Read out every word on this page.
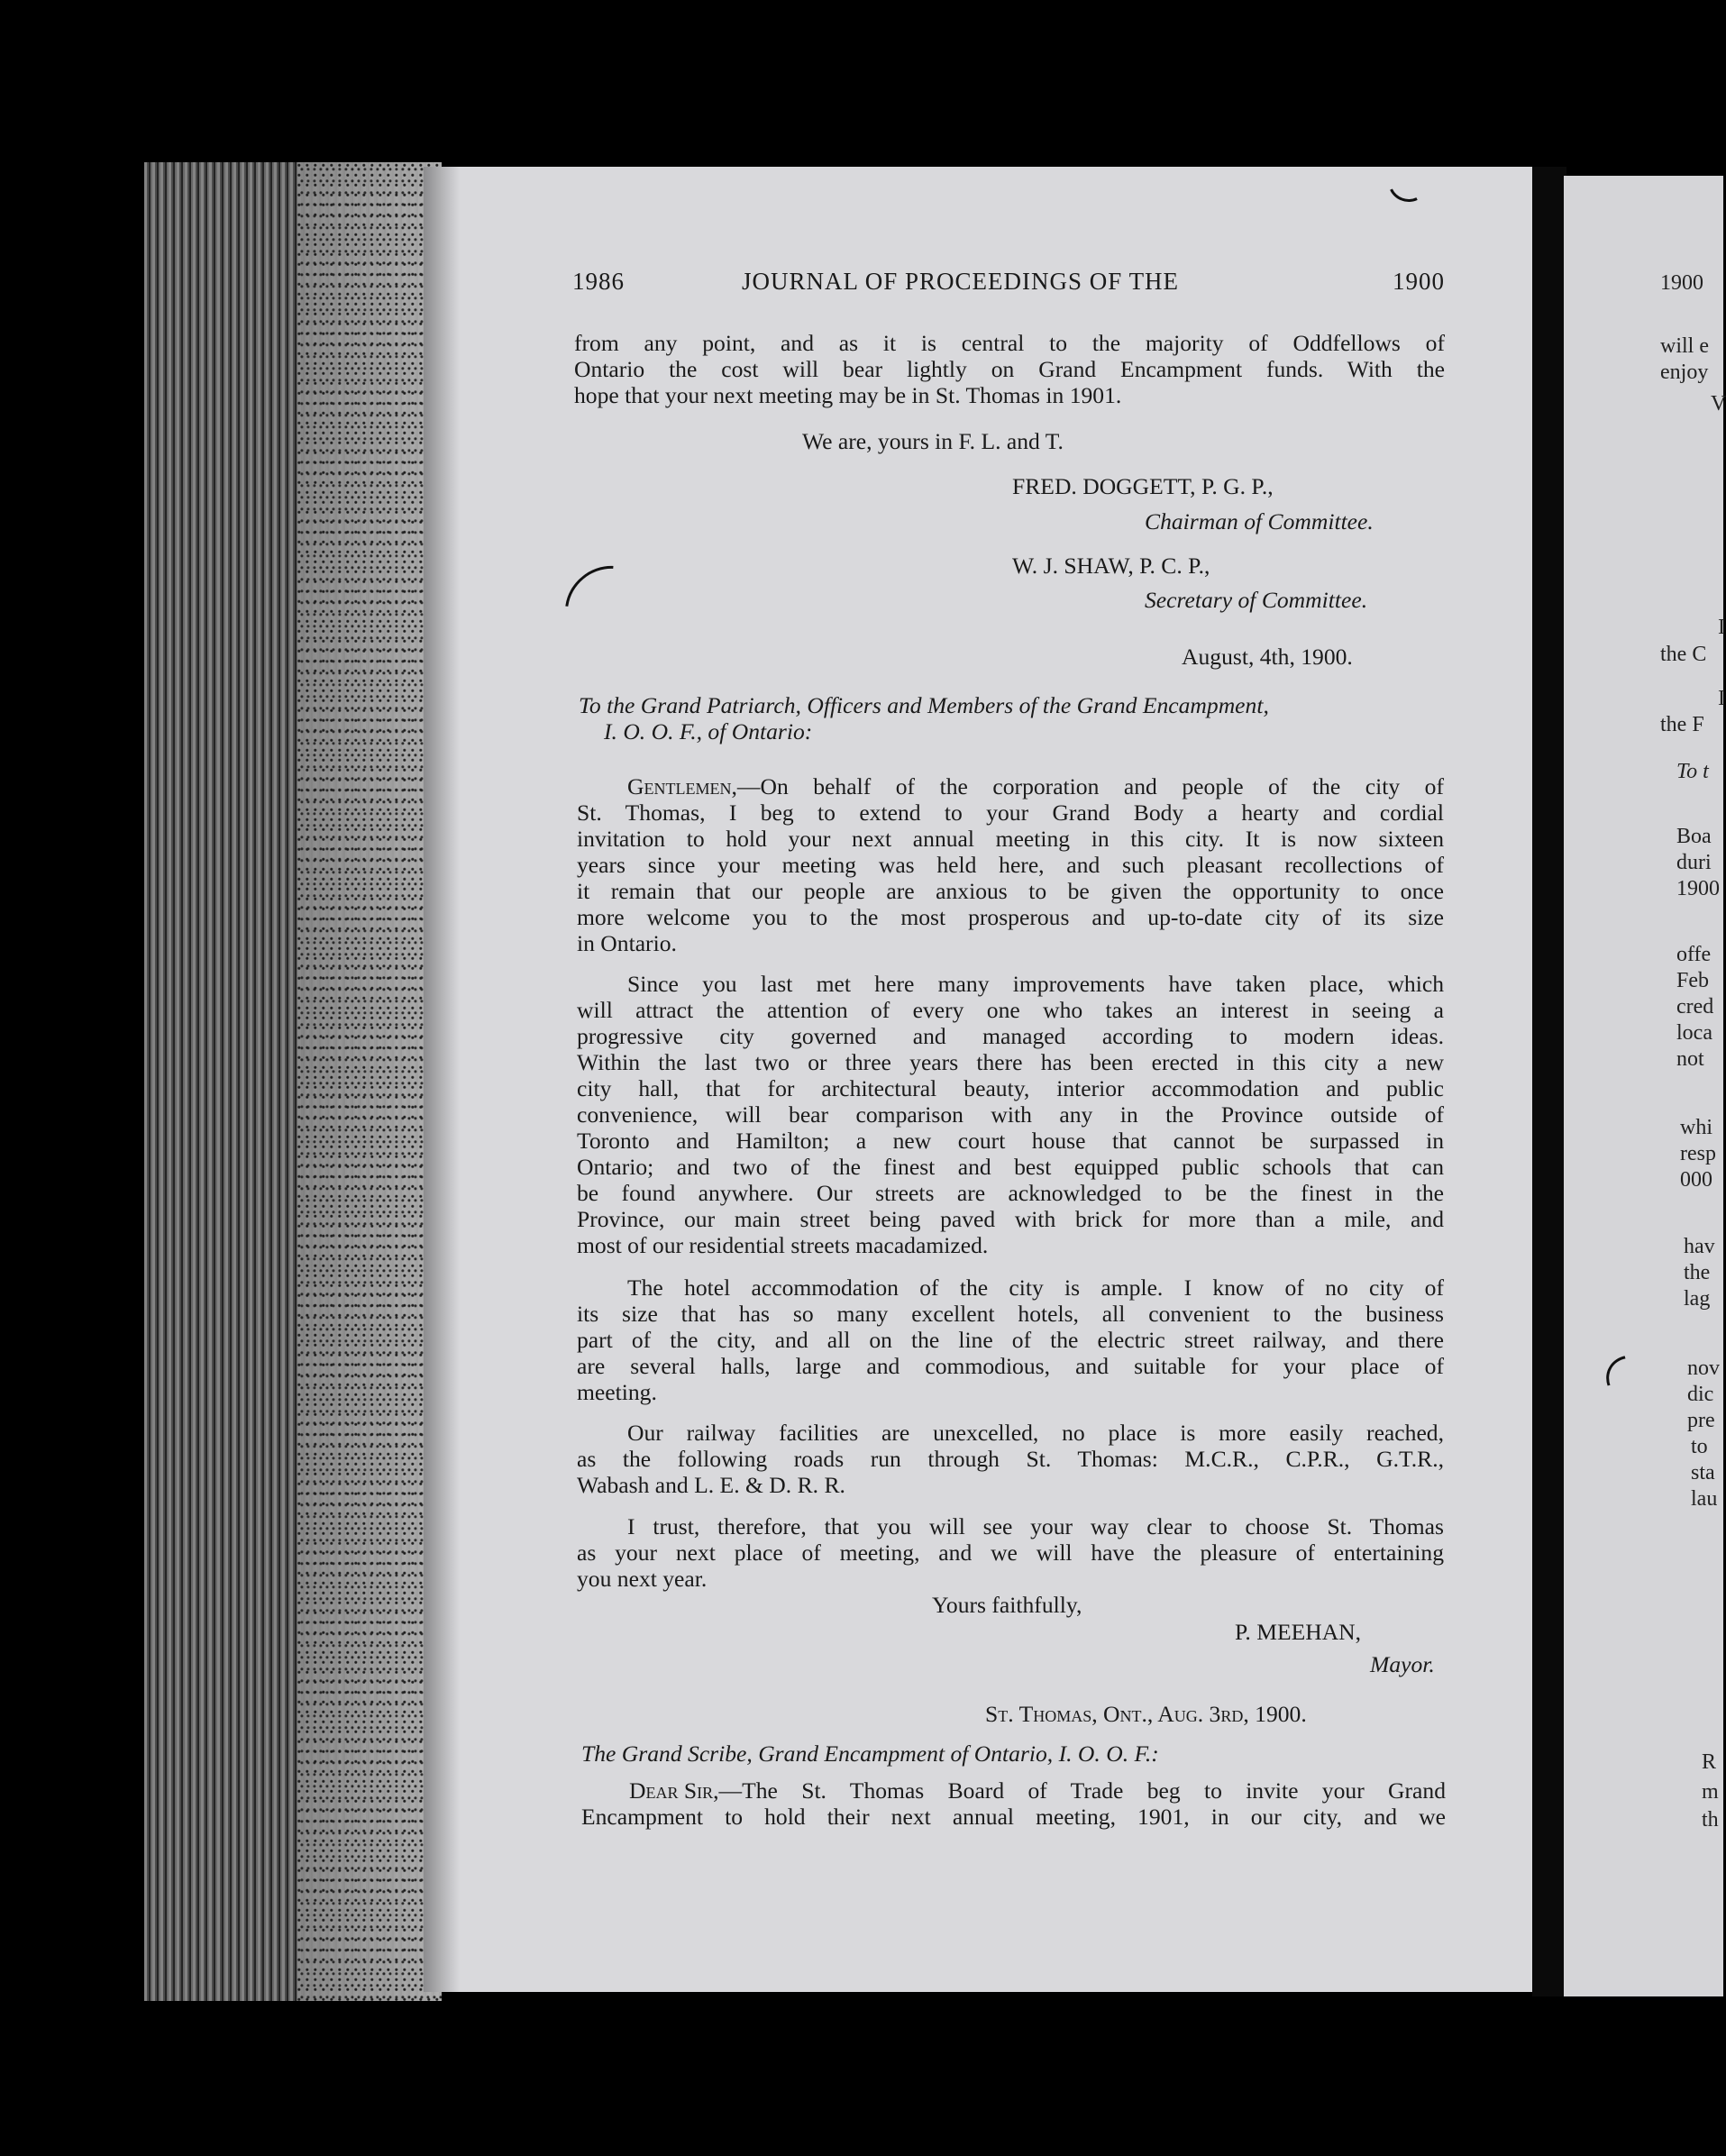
1986	JOURNAL OF PROCEEDINGS OF THE	1900
from any point, and as it is central to the majority of Oddfellows of
Ontario the cost will bear lightly on Grand Encampment funds. With the
hope that your next meeting may be in St. Thomas in 1901.
We are, yours in F. L. and T.
FRED. DOGGETT, P. G. P.,
Chairman of Committee.
W. J. SHAW, P. C. P.,
Secretary of Committee.
August, 4th, 1900.
To the Grand Patriarch, Officers and Members of the Grand Encampment,
I. O. O. F., of Ontario:
Gentlemen, —On behalf of the corporation and people of the city of
St. Thomas, I beg to extend to your Grand Body a hearty and cordial
invitation to hold your next annual meeting in this city. It is now sixteen
years since your meeting was held here, and such pleasant recollections of
it remain that our people are anxious to be given the opportunity to once
more welcome you to the most prosperous and up-to-date city of its size
in Ontario.
Since you last met here many improvements have taken place, which
will attract the attention of every one who takes an interest in seeing a
progressive city governed and managed according to modern ideas.
Within the last two or three years there has been erected in this city a new
city hall, that for architectural beauty, interior accommodation and public
convenience, will bear comparison with any in the Province outside of
Toronto and Hamilton; a new court house that cannot be surpassed in
Ontario; and two of the finest and best equipped public schools that can
be found anywhere. Our streets are acknowledged to be the finest in the
Province, our main street being paved with brick for more than a mile, and
most of our residential streets macadamized.
The hotel accommodation of the city is ample. I know of no city of
its size that has so many excellent hotels, all convenient to the business
part of the city, and all on the line of the electric street railway, and there
are several halls, large and commodious, and suitable for your place of
meeting.
Our railway facilities are unexcelled, no place is more easily reached,
as the following roads run through St. Thomas: M.C.R., C.P.R., G.T.R.,
Wabash and L. E. & D. R. R.
I trust, therefore, that you will see your way clear to choose St. Thomas
as your next place of meeting, and we will have the pleasure of entertaining
you next year.
Yours faithfully,
P. MEEHAN,
Mayor.
St. Thomas, Ont., Aug. 3rd, 1900.
The Grand Scribe, Grand Encampment of Ontario, I. O. O. F.:
Dear Sir, —The St. Thomas Board of Trade beg to invite your Grand
Encampment to hold their next annual meeting, 1901, in our city, and we
1900
will e
enjoy
V
I
the C
I
the F
To t
Boa
duri
1900
offe
Feb
cred
loca
not
whi
resp
000
hav
the
lag
nov
dic
pre
to
sta
lau
R
m
th
